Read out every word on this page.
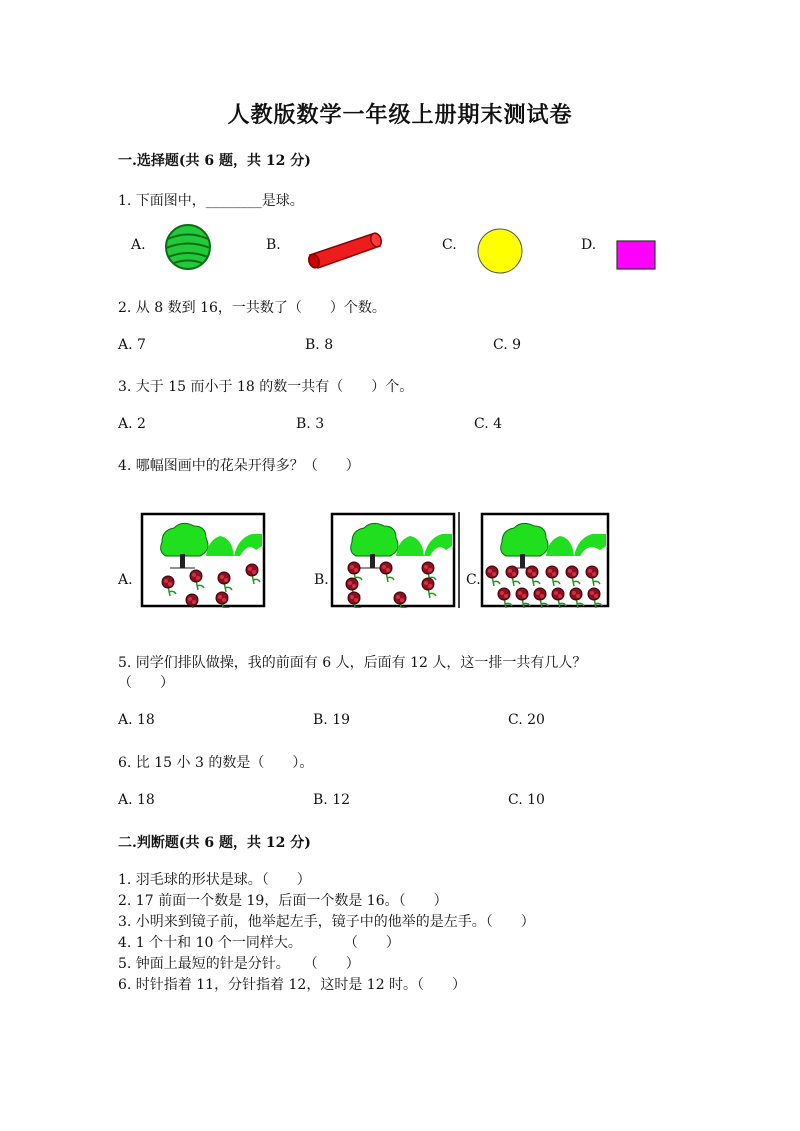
人教版数学一年级上册期末测试卷
一.选择题(共 6 题，共 12 分)
1. 下面图中，________是球。
A.	B.	C.	D.
2. 从 8 数到 16，一共数了（　　）个数。
A. 7	B. 8	C. 9
3. 大于 15 而小于 18 的数一共有（　　）个。
A. 2	B. 3	C. 4
4. 哪幅图画中的花朵开得多？（　　）
A.	B.	C.
5. 同学们排队做操，我的前面有 6 人，后面有 12 人，这一排一共有几人？
（　　）
A. 18	B. 19	C. 20
6. 比 15 小 3 的数是（　　）。
A. 18	B. 12	C. 10
二.判断题(共 6 题，共 12 分)
1. 羽毛球的形状是球。（　　）
2. 17 前面一个数是 19，后面一个数是 16。（　　）
3. 小明来到镜子前，他举起左手，镜子中的他举的是左手。（　　）
4. 1 个十和 10 个一同样大。　　　　（　　）
5. 钟面上最短的针是分针。　　（　　）
6. 时针指着 11，分针指着 12，这时是 12 时。（　　）
